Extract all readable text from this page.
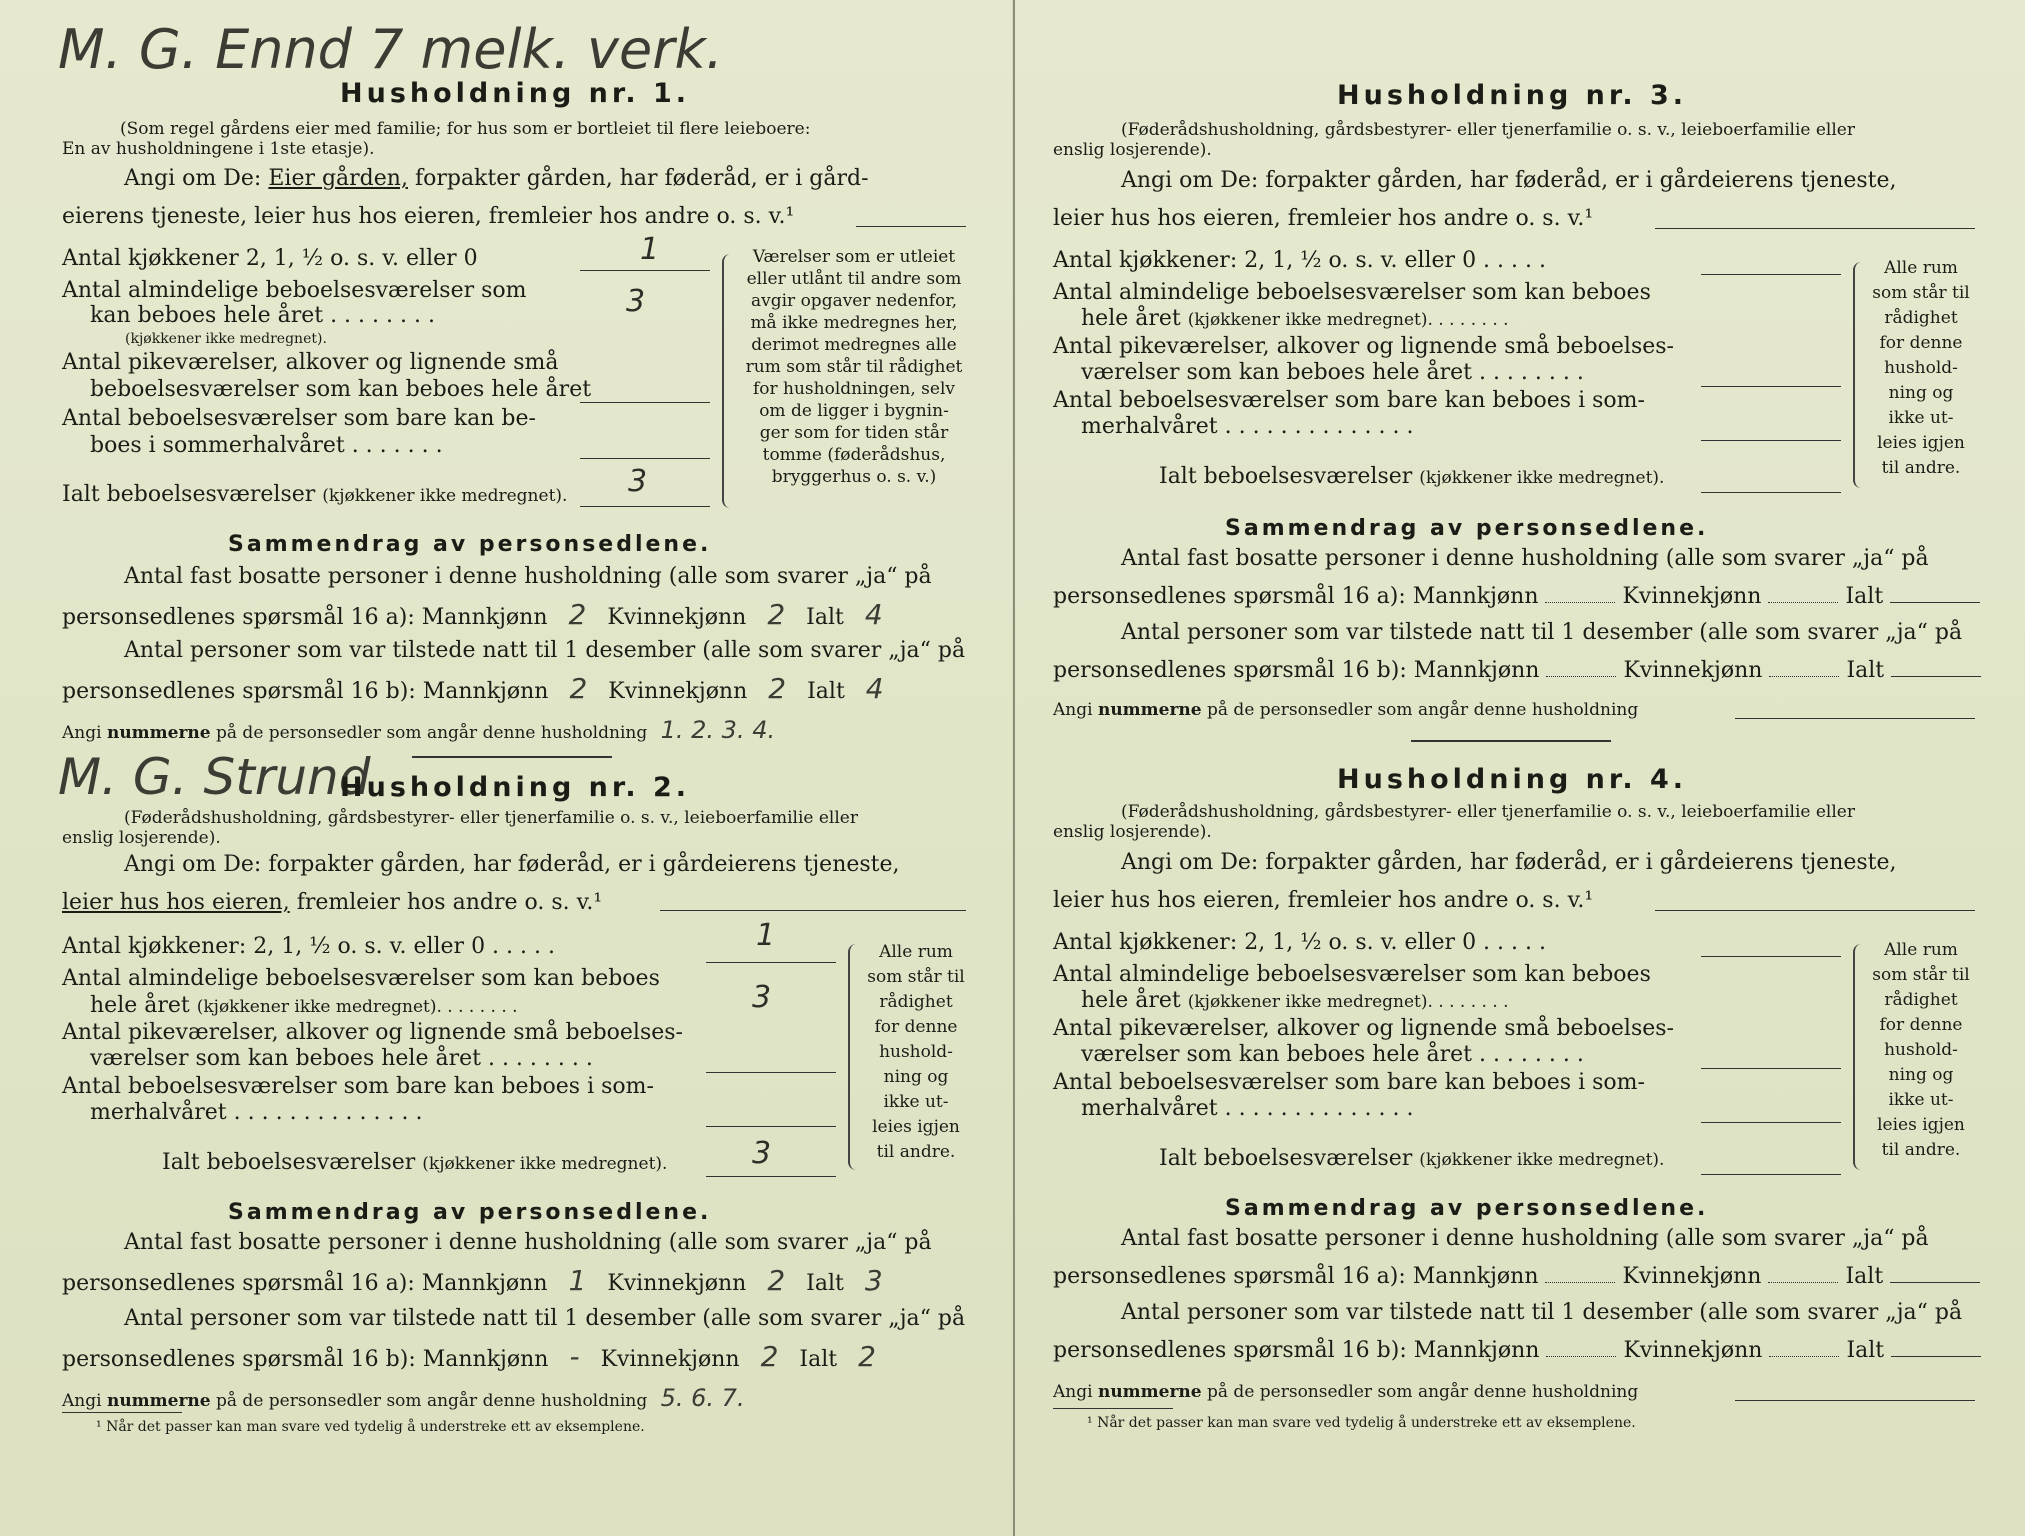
M. G. Ennd 7 melk. verk.
Husholdning nr. 1.
(Som regel gårdens eier med familie; for hus som er bortleiet til flere leieboere:
En av husholdningene i 1ste etasje).
Angi om De: Eier gården, forpakter gården, har føderåd, er i gård-
eierens tjeneste, leier hus hos eieren, fremleier hos andre o. s. v.¹
Antal kjøkkener 2, 1, ½ o. s. v. eller 0	1
Antal almindelige beboelsesværelser som
kan beboes hele året . . . . . . . .	3
(kjøkkener ikke medregnet).
Antal pikeværelser, alkover og lignende små
beboelsesværelser som kan beboes hele året
Antal beboelsesværelser som bare kan be-
boes i sommerhalvåret . . . . . . .
Ialt beboelsesværelser (kjøkkener ikke medregnet). 3
Værelser som er utleiet
eller utlånt til andre som
avgir opgaver nedenfor,
må ikke medregnes her,
derimot medregnes alle
rum som står til rådighet
for husholdningen, selv
om de ligger i bygnin-
ger som for tiden står
tomme (føderådshus,
bryggerhus o. s. v.)
Sammendrag av personsedlene.
Antal fast bosatte personer i denne husholdning (alle som svarer „ja“ på
personsedlenes spørsmål 16 a): Mannkjønn 2 Kvinnekjønn 2 Ialt 4
Antal personer som var tilstede natt til 1 desember (alle som svarer „ja“ på
personsedlenes spørsmål 16 b): Mannkjønn 2 Kvinnekjønn 2 Ialt 4
Angi nummerne på de personsedler som angår denne husholdning 1. 2. 3. 4.
M. G. Strund
Husholdning nr. 2.
(Føderådshusholdning, gårdsbestyrer- eller tjenerfamilie o. s. v., leieboerfamilie eller
enslig losjerende).
Angi om De: forpakter gården, har føderåd, er i gårdeierens tjeneste,
leier hus hos eieren, fremleier hos andre o. s. v.¹
Antal kjøkkener: 2, 1, ½ o. s. v. eller 0 . . . . .	1
Antal almindelige beboelsesværelser som kan beboes
hele året (kjøkkener ikke medregnet). . . . . . . .	3
Antal pikeværelser, alkover og lignende små beboelses-
værelser som kan beboes hele året . . . . . . . .
Antal beboelsesværelser som bare kan beboes i som-
merhalvåret . . . . . . . . . . . . . .
Ialt beboelsesværelser (kjøkkener ikke medregnet).	3
Alle rum
som står til
rådighet
for denne
hushold-
ning og
ikke ut-
leies igjen
til andre.
Sammendrag av personsedlene.
Antal fast bosatte personer i denne husholdning (alle som svarer „ja“ på
personsedlenes spørsmål 16 a): Mannkjønn 1 Kvinnekjønn 2 Ialt 3
Antal personer som var tilstede natt til 1 desember (alle som svarer „ja“ på
personsedlenes spørsmål 16 b): Mannkjønn - Kvinnekjønn 2 Ialt 2
Angi nummerne på de personsedler som angår denne husholdning 5. 6. 7.
¹ Når det passer kan man svare ved tydelig å understreke ett av eksemplene.
Husholdning nr. 3.
(Føderådshusholdning, gårdsbestyrer- eller tjenerfamilie o. s. v., leieboerfamilie eller
enslig losjerende).
Angi om De: forpakter gården, har føderåd, er i gårdeierens tjeneste,
leier hus hos eieren, fremleier hos andre o. s. v.¹
Antal kjøkkener: 2, 1, ½ o. s. v. eller 0 . . . . .
Antal almindelige beboelsesværelser som kan beboes
hele året (kjøkkener ikke medregnet). . . . . . . .
Antal pikeværelser, alkover og lignende små beboelses-
værelser som kan beboes hele året . . . . . . . .
Antal beboelsesværelser som bare kan beboes i som-
merhalvåret . . . . . . . . . . . . . .
Ialt beboelsesværelser (kjøkkener ikke medregnet).
Alle rum
som står til
rådighet
for denne
hushold-
ning og
ikke ut-
leies igjen
til andre.
Sammendrag av personsedlene.
Antal fast bosatte personer i denne husholdning (alle som svarer „ja“ på
personsedlenes spørsmål 16 a): Mannkjønn	Kvinnekjønn	Ialt
Antal personer som var tilstede natt til 1 desember (alle som svarer „ja“ på
personsedlenes spørsmål 16 b): Mannkjønn	Kvinnekjønn	Ialt
Angi nummerne på de personsedler som angår denne husholdning
Husholdning nr. 4.
(Føderådshusholdning, gårdsbestyrer- eller tjenerfamilie o. s. v., leieboerfamilie eller
enslig losjerende).
Angi om De: forpakter gården, har føderåd, er i gårdeierens tjeneste,
leier hus hos eieren, fremleier hos andre o. s. v.¹
Antal kjøkkener: 2, 1, ½ o. s. v. eller 0 . . . . .
Antal almindelige beboelsesværelser som kan beboes
hele året (kjøkkener ikke medregnet). . . . . . . .
Antal pikeværelser, alkover og lignende små beboelses-
værelser som kan beboes hele året . . . . . . . .
Antal beboelsesværelser som bare kan beboes i som-
merhalvåret . . . . . . . . . . . . . .
Ialt beboelsesværelser (kjøkkener ikke medregnet).
Alle rum
som står til
rådighet
for denne
hushold-
ning og
ikke ut-
leies igjen
til andre.
Sammendrag av personsedlene.
Antal fast bosatte personer i denne husholdning (alle som svarer „ja“ på
personsedlenes spørsmål 16 a): Mannkjønn	Kvinnekjønn	Ialt
Antal personer som var tilstede natt til 1 desember (alle som svarer „ja“ på
personsedlenes spørsmål 16 b): Mannkjønn	Kvinnekjønn	Ialt
Angi nummerne på de personsedler som angår denne husholdning
¹ Når det passer kan man svare ved tydelig å understreke ett av eksemplene.
